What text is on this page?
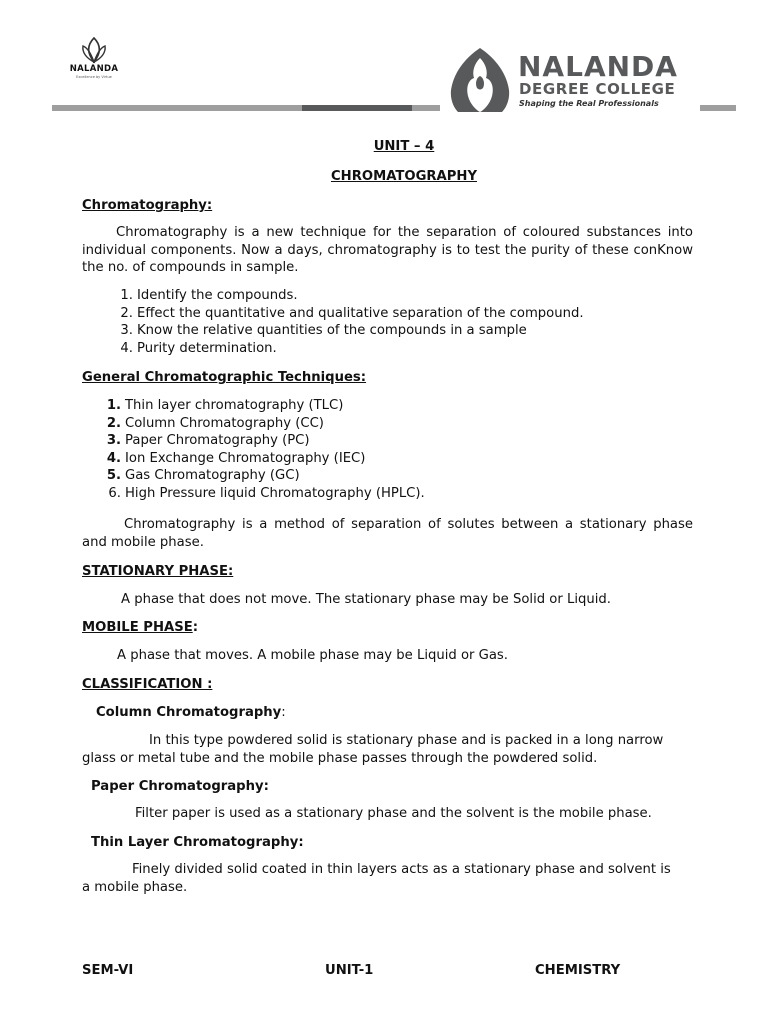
NALANDA
Excellence by Virtue	NALANDA
DEGREE COLLEGE
Shaping the Real Professionals
UNIT – 4
CHROMATOGRAPHY
Chromatography:

Chromatography is a new technique for the separation of coloured substances into individual components. Now a days, chromatography is to test the purity of these conKnow the no. of compounds in sample.

1. Identify the compounds.
2. Effect the quantitative and qualitative separation of the compound.
3. Know the relative quantities of the compounds in a sample
4. Purity determination.
General Chromatographic Techniques:
1. Thin layer chromatography (TLC)
2. Column Chromatography (CC)
3. Paper Chromatography (PC)
4. Ion Exchange Chromatography (IEC)
5. Gas Chromatography (GC)
6. High Pressure liquid Chromatography (HPLC).

Chromatography is a method of separation of solutes between a stationary phase and mobile phase.

STATIONARY PHASE:

A phase that does not move. The stationary phase may be Solid or Liquid.

MOBILE PHASE:

A phase that moves. A mobile phase may be Liquid or Gas.

CLASSIFICATION :
Column Chromatography:

In this type powdered solid is stationary phase and is packed in a long narrow glass or metal tube and the mobile phase passes through the powdered solid.

Paper Chromatography:

Filter paper is used as a stationary phase and the solvent is the mobile phase.

Thin Layer Chromatography:

Finely divided solid coated in thin layers acts as a stationary phase and solvent is a mobile phase.

SEM-VI	UNIT-1	CHEMISTRY
